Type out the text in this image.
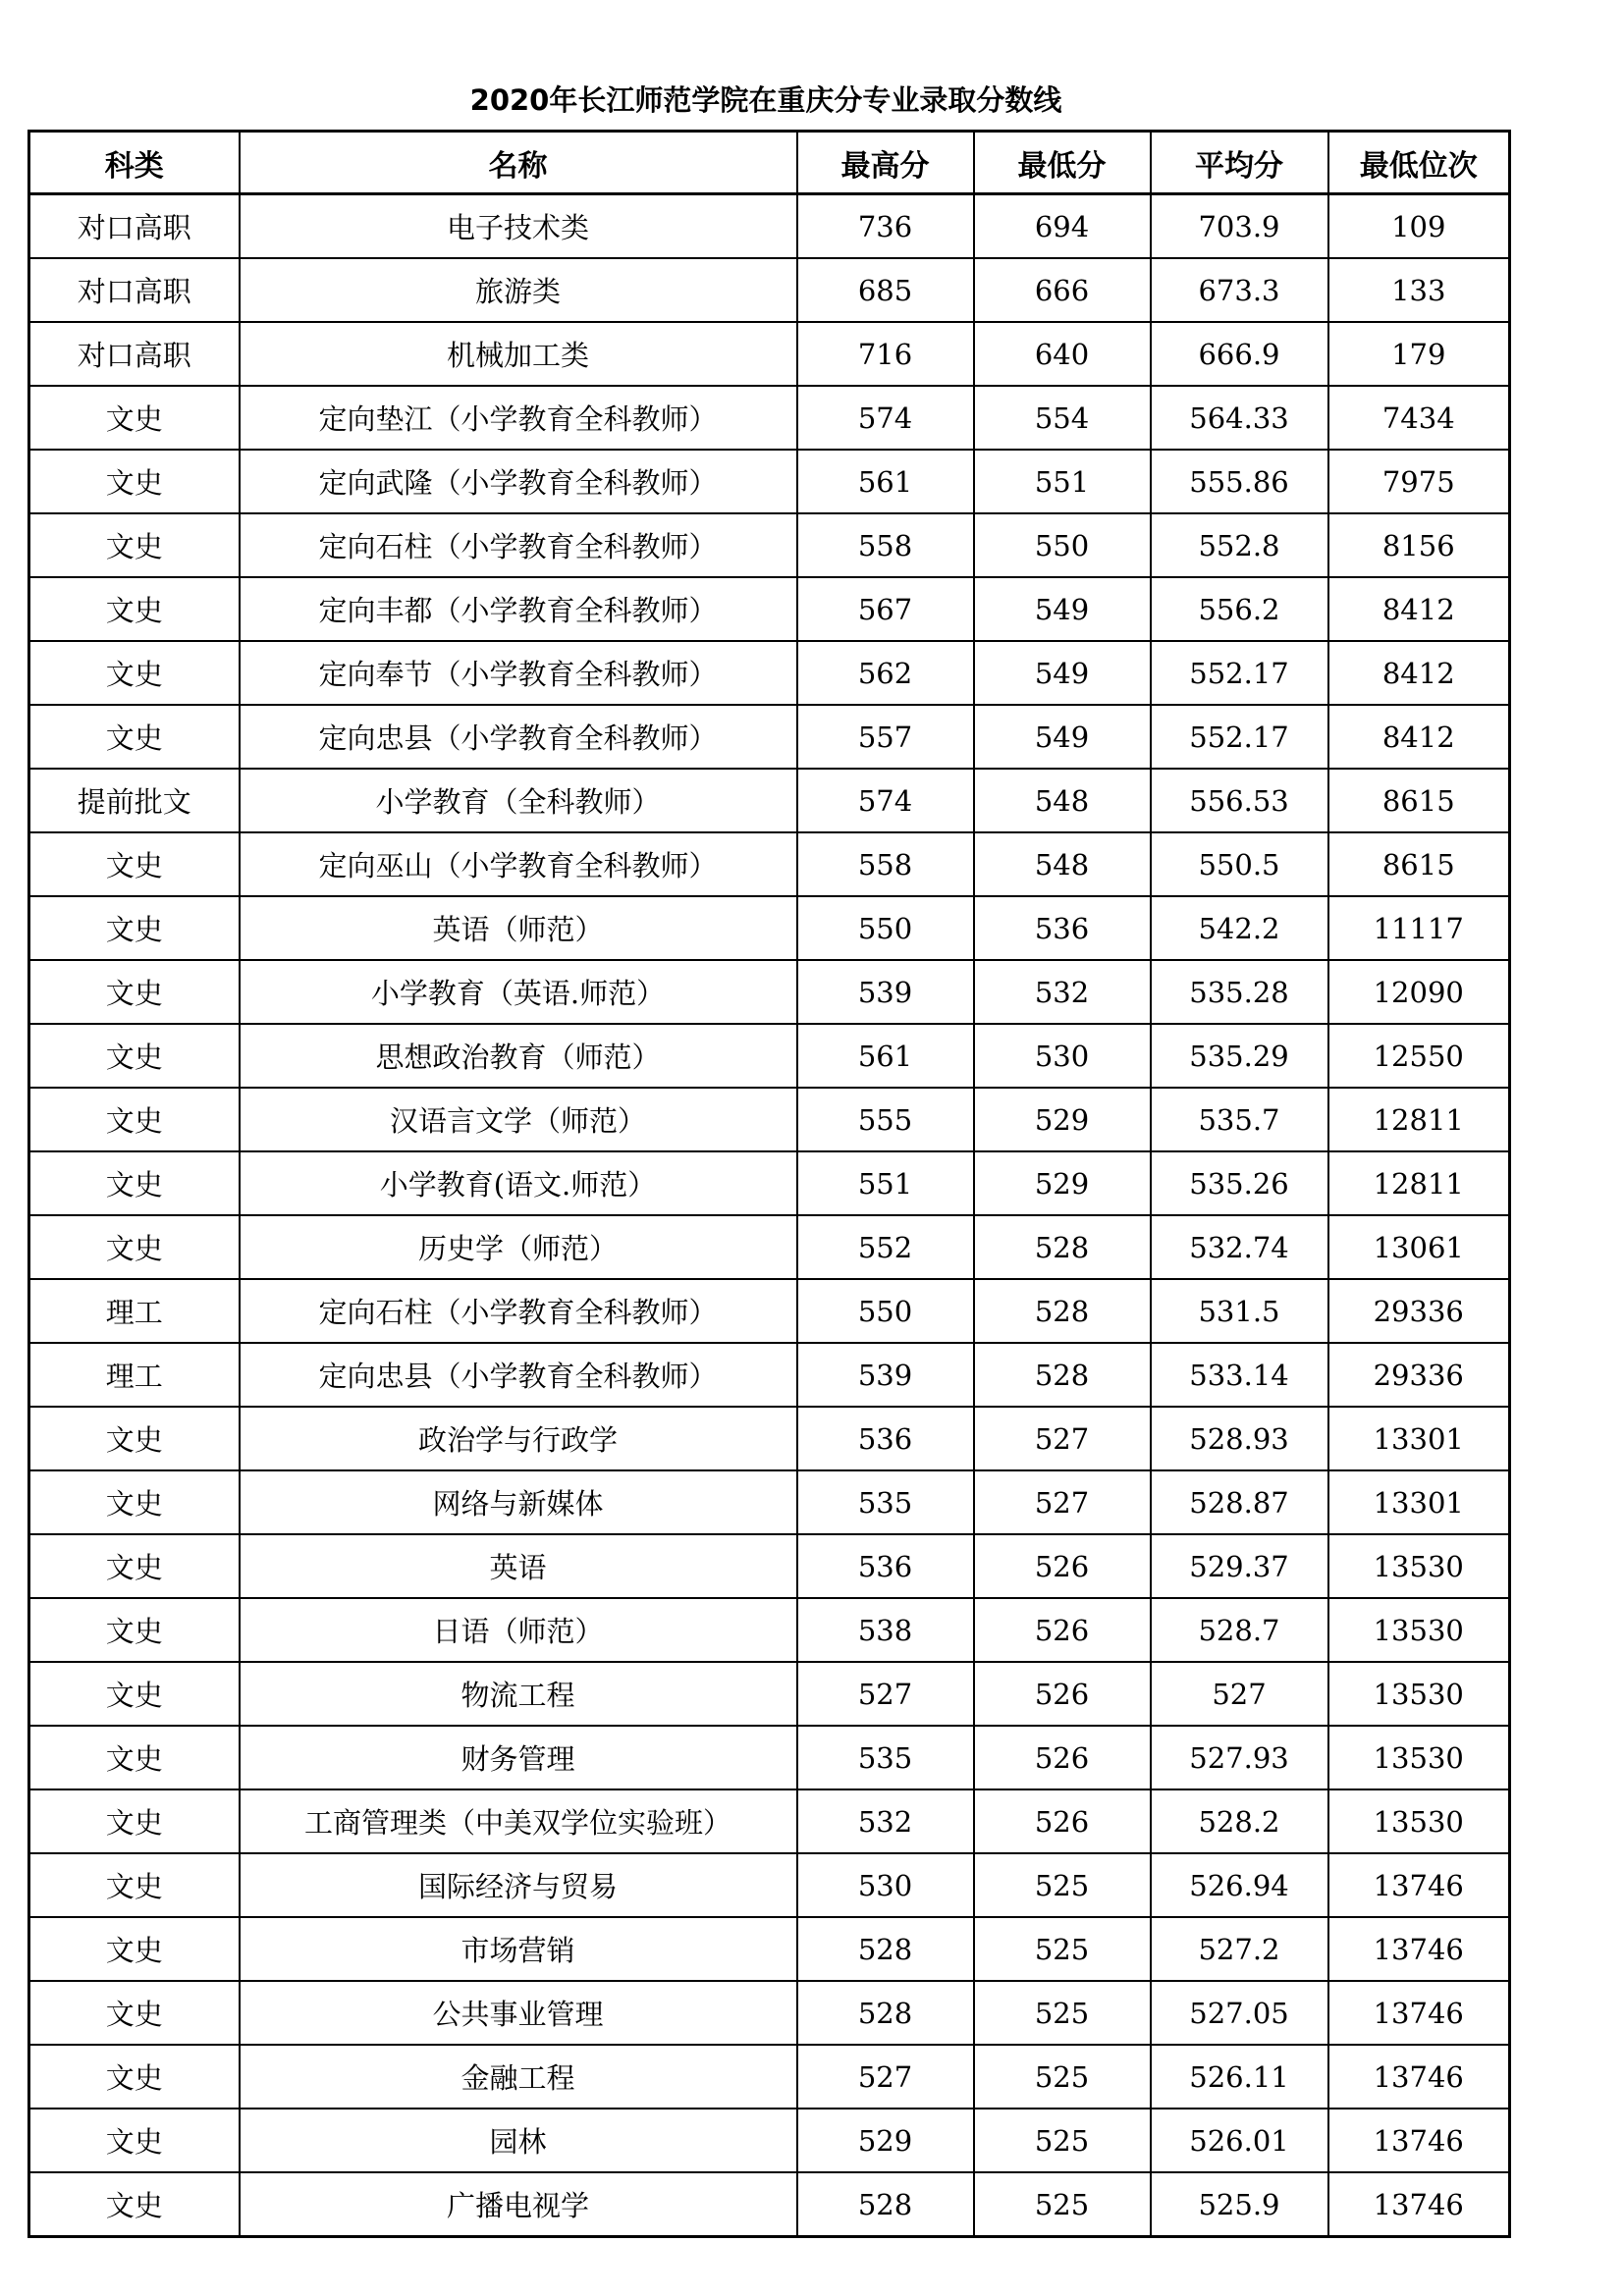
2020年长江师范学院在重庆分专业录取分数线
科类	名称	最高分	最低分	平均分	最低位次
对口高职	电子技术类	736	694	703.9	109
对口高职	旅游类	685	666	673.3	133
对口高职	机械加工类	716	640	666.9	179
文史	定向垫江（小学教育全科教师）	574	554	564.33	7434
文史	定向武隆（小学教育全科教师）	561	551	555.86	7975
文史	定向石柱（小学教育全科教师）	558	550	552.8	8156
文史	定向丰都（小学教育全科教师）	567	549	556.2	8412
文史	定向奉节（小学教育全科教师）	562	549	552.17	8412
文史	定向忠县（小学教育全科教师）	557	549	552.17	8412
提前批文	小学教育（全科教师）	574	548	556.53	8615
文史	定向巫山（小学教育全科教师）	558	548	550.5	8615
文史	英语（师范）	550	536	542.2	11117
文史	小学教育（英语.师范）	539	532	535.28	12090
文史	思想政治教育（师范）	561	530	535.29	12550
文史	汉语言文学（师范）	555	529	535.7	12811
文史	小学教育(语文.师范）	551	529	535.26	12811
文史	历史学（师范）	552	528	532.74	13061
理工	定向石柱（小学教育全科教师）	550	528	531.5	29336
理工	定向忠县（小学教育全科教师）	539	528	533.14	29336
文史	政治学与行政学	536	527	528.93	13301
文史	网络与新媒体	535	527	528.87	13301
文史	英语	536	526	529.37	13530
文史	日语（师范）	538	526	528.7	13530
文史	物流工程	527	526	527	13530
文史	财务管理	535	526	527.93	13530
文史	工商管理类（中美双学位实验班）	532	526	528.2	13530
文史	国际经济与贸易	530	525	526.94	13746
文史	市场营销	528	525	527.2	13746
文史	公共事业管理	528	525	527.05	13746
文史	金融工程	527	525	526.11	13746
文史	园林	529	525	526.01	13746
文史	广播电视学	528	525	525.9	13746
